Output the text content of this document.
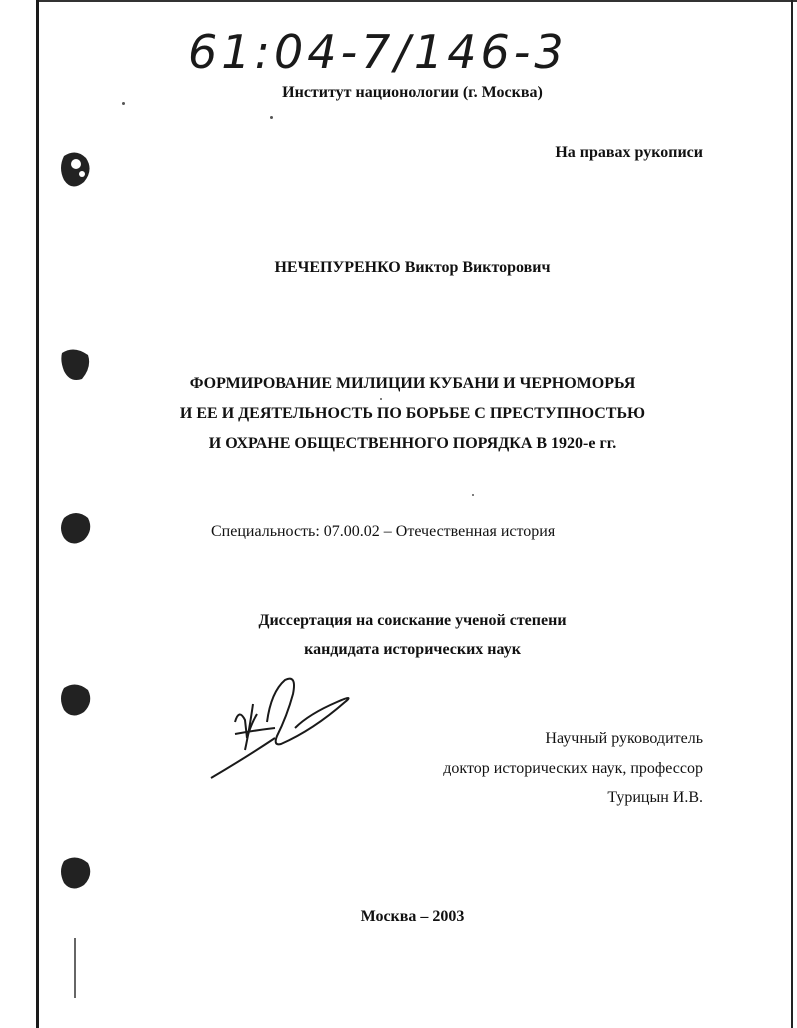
61:04-7/146-3
Институт национологии (г. Москва)
На правах рукописи
НЕЧЕПУРЕНКО Виктор Викторович
ФОРМИРОВАНИЕ МИЛИЦИИ КУБАНИ И ЧЕРНОМОРЬЯ
И ЕЕ И ДЕЯТЕЛЬНОСТЬ ПО БОРЬБЕ С ПРЕСТУПНОСТЬЮ
И ОХРАНЕ ОБЩЕСТВЕННОГО ПОРЯДКА В 1920-е гг.
Специальность: 07.00.02 – Отечественная история
Диссертация на соискание ученой степени
кандидата исторических наук
Научный руководитель
доктор исторических наук, профессор
Турицын И.В.
Москва – 2003
